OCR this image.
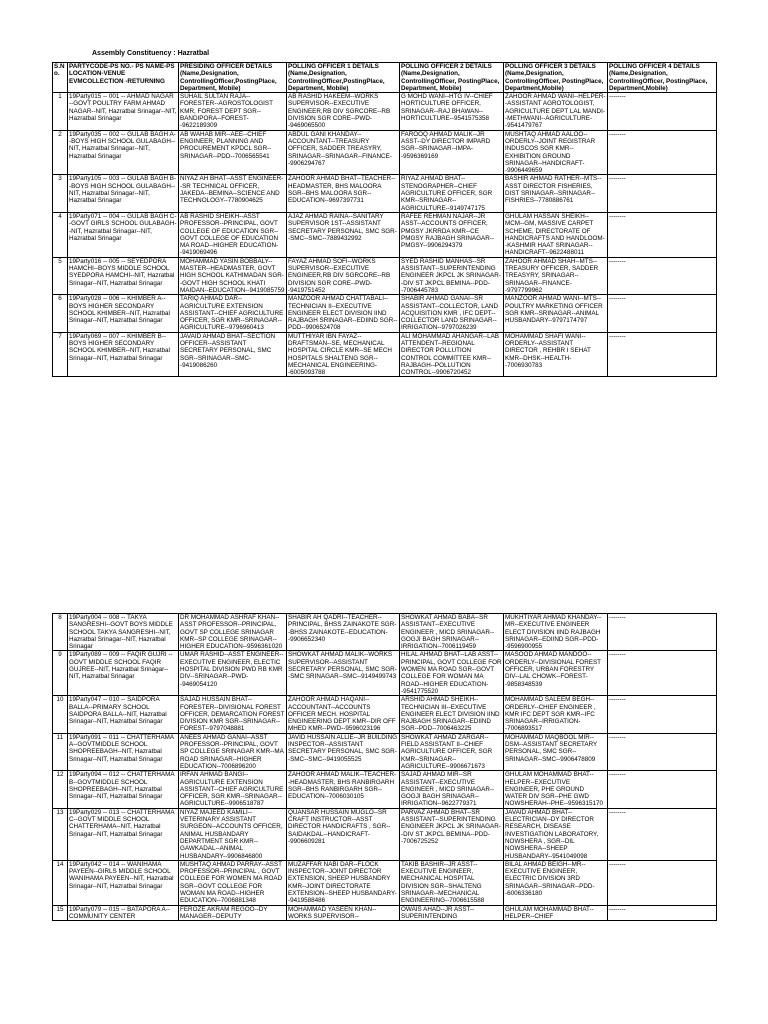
Assembly Constituency : Hazratbal
S.No.	PARTYCODE-PS NO.- PS NAME-PS LOCATION-VENUE EVMCOLLECTION -RETURNING	PRESIDING OFFICER DETAILS (Name,Designation, ControllingOfficer,PostingPlace, Department, Mobile)	POLLING OFFICER 1 DETAILS (Name,Designation, ControllingOfficer,PostingPlace, Department, Mobile)	POLLING OFFICER 2 DETAILS (Name,Designation, ControllingOfficer, PostingPlace, Department, Mobile)	POLLING OFFICER 3 DETAILS (Name,Designation, ControllingOfficer, PostingPlace, Department,Mobile)	POLLING OFFICER 4 DETAILS (Name,Designation, ControllingOfficer, PostingPlace, Department,Mobile)
1	19Party015 -- 001 -- AHMAD NAGAR --GOVT POULTRY FARM AHMAD NAGAR--NIT, Hazratbal Srinagar--NIT, Hazratbal Srinagar	SUHAIL SULTAN RAJA--FORESTER--AGROSTOLOGIST KMR, FOREST DEPT SGR--BANDIPORA--FOREST--9622189309	AB RASHID HAKEEM--WORKS SUPERVISOR--EXECUTIVE ENGINEER,RB DIV SGRCORE--RB DIVISION SGR CORE--PWD--9469065500	G MOHD WANI--HTG IV--CHIEF HORTICULTURE OFFICER, SRINAGAR--RAJ BHAWAN--HORTICULTURE--9541575358	ZAHOOR AHMAD WANI--HELPER--ASSISTANT AGROTOLOGIST, AGRICULTURE DEPT LAL MANDI--METHWANI--AGRICULTURE--9541479767	--------
2	19Party035 -- 002 -- GULAB BAGH A--BOYS HIGH SCHOOL GULABAGH--NIT, Hazratbal Srinagar--NIT, Hazratbal Srinagar	AB WAHAB MIR--AEE--CHIEF ENGINEER, PLANNING AND PROCUREMENT KPDCL SGR--SRINAGAR--PDD--7006565541	ABDUL GANI KHANDAY--ACCOUNTANT--TREASURY OFFICER, SADDER TREASYRY, SRINAGAR--SRINAGAR--FINANCE--9906294767	FAROOQ AHMAD MALIK--JR ASST--DY DIRECTOR IMPARD SGR--SRINAGAR--IMPA--9596369169	MUSHTAQ AHMAD AALOO--ORDERLY--JOINT REGISTRAR INDUSCOS SGR KMR--EXHIBITION GROUND SRINAGAR--HANDICRAFT--9906449659	--------
3	19Party105 -- 003 -- GULAB BAGH B--BOYS HIGH SCHOOL GULABAGH--NIT, Hazratbal Srinagar--NIT, Hazratbal Srinagar	NIYAZ AH BHAT--ASST ENGINEER--SR TECHNICAL OFFICER, JAKEDA--BEMINA--SCIENCE AND TECHNOLOGY--7780904625	ZAHOOR AHMAD BHAT--TEACHER--HEADMASTER, BHS MALOORA SGR--BHS MALOORA SGR--EDUCATION--9697397731	RIYAZ AHMAD BHAT--STENOGRAPHER--CHIEF AGRICULTURE OFFICER, SGR KMR--SRINAGAR--AGRICULTURE--9149747175	BASHIR AHMAD RATHER--MTS--ASST DIRECTOR FISHERIES, DIST SRINAGAR--SRINAGAR--FISHRIES--7780886761	--------
4	19Party071 -- 004 -- GULAB BAGH C--GOVT GIRLS SCHOOL GULABAGH--NIT, Hazratbal Srinagar--NIT, Hazratbal Srinagar	AB RASHID SHEIKH--ASST PROFESSOR--PRINCIPAL, GOVT COLLEGE OF EDUCATION SGR--GOVT COLLEGE OF EDUCATION MA ROAD--HIGHER EDUCATION--9419069496	AJAZ AHMAD RAINA--SANITARY SUPERVISOR 1ST--ASSISTANT SECRETARY PERSONAL, SMC SGR--SMC--SMC--7889432992	RAFEE REHMAN NAJAR--JR ASST--ACCOUNTS OFFICER, PMGSY JKRRDA KMR--CE PMGSY RAJBAGH SRINAGAR--PMGSY--9906294379	GHULAM HASSAN SHEIKH--MCM--GM, MASSIVE CARPET SCHEME, DIRECTORATE OF HANDICRAFTS AND HANDLOOM--KASHMIR HAAT SRINAGAR--HANDICRAFT--9622488011	--------
5	19Party016 -- 005 -- SEYEDPORA HAMCHI--BOYS MIDDLE SCHOOL SYEDPORA HAMCHI--NIT, Hazratbal Srinagar--NIT, Hazratbal Srinagar	MOHAMMAD YASIN BOBBALY--MASTER--HEADMASTER, GOVT HIGH SCHOOL KATHIMADAN SGR--GOVT HIGH SCHOOL KHATI MAIDAN--EDUCATION--9419085759	FAYAZ AHMAD SOFI--WORKS SUPERVISOR--EXECUTIVE ENGINEER,RB DIV SGRCORE--RB DIVISION SGR CORE--PWD--9419751452	SYED RASHID MANHAS--SR ASSISTANT--SUPERINTENDING ENGINEER JKPCL JK SRINAGAR--DIV ST JKPCL BEMINA--PDD--7006445783	ZAHOOR AHMAD SHAH--MTS--TREASURY OFFICER, SADDER TREASYRY, SRINAGAR--SRINAGAR--FINANCE--9797799962	--------
6	19Party028 -- 006 -- KHIMBER A--BOYS HIGHER SECONDARY SCHOOL KHIMBER--NIT, Hazratbal Srinagar--NIT, Hazratbal Srinagar	TARIQ AHMAD DAR--AGRICULTURE EXTENSION ASSISTANT--CHIEF AGRICULTURE OFFICER, SGR KMR--SRINAGAR--AGRICULTURE--9796960413	MANZOOR AHMAD CHATTABALI--TECHNICIAN II--EXECUTIVE ENGINEER ELECT DIVISION IIND RAJBAGH SRINAGAR--EDIIND SGR--PDD--9906524708	SHABIR AHMAD GANAI--SR ASSISTANT--COLLECTOR, LAND ACQUISITION KMR , IFC DEPT--COLLECTOR LAND SRINAGAR--IRRIGATION--9797026239	MANZOOR AHMAD WANI--MTS--POULTRY MARKETING OFFICER SGR KMR--SRINAGAR--ANIMAL HUSBANDARY--9797174797	--------
7	19Party069 -- 007 -- KHIMBER B--BOYS HIGHER SECONDARY SCHOOL KHIMBER--NIT, Hazratbal Srinagar--NIT, Hazratbal Srinagar	JAVAID AHMAD BHAT--SECTION OFFICER--ASSISTANT SECRETARY PERSONAL, SMC SGR--SRINAGAR--SMC--9419086260	MUTTHIYAR IBN FAYAZ--DRAFTSMAN--SE, MECHANICAL HOSPITAL CIRCLE KMR--SE MECH HOSPITALS SHALTENG SGR--MECHANICAL ENGINEERING--6005093788	ALI MOHAMMAD AHANGAR--LAB ATTENDENT--REGIONAL DIRECTOR POLLUTION CONTROL COMMITTEE KMR--RAJBAGH--POLLUTION CONTROL--9906720452	MOHAMMAD SHAFI WANI--ORDERLY--ASSISTANT DIRECTOR , REHBR I SEHAT KMR--DHSK--HEALTH--7006930783	--------
8	19Party004 -- 008 -- TAKYA SANGRESHI--GOVT BOYS MIDDLE SCHOOL TAKYA SANGRESHI--NIT, Hazratbal Srinagar--NIT, Hazratbal Srinagar	DR MOHAMMAD ASHRAF KHAN--ASST PROFESSOR--PRINCIPAL, GOVT SP COLLEGE SRINAGAR KMR--SP COLLEGE SRINAGAR--HIGHER EDUCATION--9596361020	SHABIR AH QADRI--TEACHER--PRINCIPAL, BHSS ZAINAKOTE SGR--BHSS ZAINAKOTE--EDUCATION--9906652340	SHOWKAT AHMAD BABA--SR ASSISTANT--EXECUTIVE ENGINEER , MICD SRINAGAR--GOGJI BAGH SRINAGAR--IRRIGATION--7006119459	MUKHTIYAR AHMAD KHANDAY--MR--EXECUTIVE ENGINEER ELECT DIVISION IIND RAJBAGH SRINAGAR--EDIIND SGR--PDD--9596900955	--------
9	19Party089 -- 009 -- FAQIR GUJRI --GOVT MIDDLE SCHOOL FAQIR GUJREE--NIT, Hazratbal Srinagar--NIT, Hazratbal Srinagar	UMAR RASHID--ASST ENGINEER--EXECUTIVE ENGINEER, ELECTIC HOSPITAL DIVISION PWD RB KMR DIV--SRINAGAR--PWD--9469054120	SHOWKAT AHMAD MALIK--WORKS SUPERVISOR--ASSISTANT SECRETARY PERSONAL, SMC SGR--SMC SRINAGAR--SMC--9149499743	HILAL AHMAD BHAT--LAB ASST--PRINCIPAL, GOVT COLLEGE FOR WOMEN MA ROAD SGR--GOVT COLLEGE FOR WOMAN MA ROAD--HIGHER EDUCATION--9541775520	MASOOD AHMAD MANDOO--ORDERLY--DIVISIONAL FOREST OFFICER, URBAN FORESTRY DIV--LAL CHOWK--FOREST--9858348539	--------
10	19Party047 -- 010 -- SAIDPORA BALLA--PRIMARY SCHOOL SAIDPORA BALLA--NIT, Hazratbal Srinagar--NIT, Hazratbal Srinagar	SAJAD HUSSAIN BHAT--FORESTER--DIVISIONAL FOREST OFFICER, DEMARCATION FOREST DIVISION KMR SGR--SRINAGAR--FOREST--9797048881	ZAHOOR AHMAD HAQANI--ACCOUNTANT--ACCOUNTS OFFICER MECH. HOSPITAL ENGINEERING DEPT KMR--DIR OFF MHED KMR--PWD--9596023196	ARSHID AHMAD SHEIKH--TECHNICIAN III--EXECUTIVE ENGINEER ELECT DIVISION IIND RAJBAGH SRINAGAR--EDIIND SGR--PDD--7006463225	MOHAMMAD SALEEM BEGH--ORDERLY--CHIEF ENGINEER , KMR IFC DEPT SGR KMR--IFC SRINAGAR--IRRIGATION--7006893517	--------
11	19Party091 -- 011 -- CHATTERHAMA A--GOVTMIDDLE SCHOOL SHOPREEBAGH--NIT, Hazratbal Srinagar--NIT, Hazratbal Srinagar	ANEES AHMAD GANAI--ASST PROFESSOR--PRINCIPAL, GOVT SP COLLEGE SRINAGAR KMR--MA ROAD SRINAGAR--HIGHER EDUCATION--7006896200	JAVID HUSSAIN ALLIE--JR BUILDING INSPECTOR--ASSISTANT SECRETARY PERSONAL, SMC SGR--SMC--SMC--9419055525	SHOWKAT AHMAD ZARGAR--FIELD ASSISTANT II--CHIEF AGRICULTURE OFFICER, SGR KMR--SRINAGAR--AGRICULTURE--9906671673	MOHAMMAD MAQBOOL MIR--DSM--ASSISTANT SECRETARY PERSONAL, SMC SGR--SRINAGAR--SMC--9906478809	--------
12	19Party094 -- 012 -- CHATTERHAMA B--GOVTMIDDLE SCHOOL SHOPREEBAGH--NIT, Hazratbal Srinagar--NIT, Hazratbal Srinagar	IRFAN AHMAD BANGI--AGRICULTURE EXTENSION ASSISTANT--CHIEF AGRICULTURE OFFICER, SGR KMR--SRINAGAR--AGRICULTURE--9906518787	ZAHOOR AHMAD MALIK--TEACHER--HEADMASTER, BHS RANBIRGARH SGR--BHS RANBIRGARH SGR--EDUCATION--7006030105	SAJAD AHMAD MIR--SR ASSISTANT--EXECUTIVE ENGINEER , MICD SRINAGAR--GOGJI BAGH SRINAGAR--IRRIGATION--9622779371	GHULAM MOHAMMAD BHAT--HELPER--EXECUTIVE ENGINEER, PHE GROUND WATER DIV SGR--PHE GWD NOWSHERAH--PHE--9596315170	--------
13	19Party029 -- 013 -- CHATTERHAMA C--GOVT MIDDLE SCHOOL CHATTERHAMA--NIT, Hazratbal Srinagar--NIT, Hazratbal Srinagar	NIYAZ MAJEED KAMILI--VETERINARY ASSISTANT SURGEON--ACCOUNTS OFFICER, ANIMAL HUSBANDARY DEPARTMENT SGR KMR--GAWKADAL--ANIMAL HUSBANDARY--9906846800	QUANSAR HUSSAIN MUGLO--SR CRAFT INSTRUCTOR--ASST DIRECTOR HANDICRAFTS , SGR--SAIDAKDAL--HANDICRAFT--9906609281	PARVAZ AHMAD BHAT--SR ASSISTANT--SUPERINTENDING ENGINEER JKPCL JK SRINAGAR--DIV ST JKPCL BEMINA--PDD--7006725252	JAVAID AHMAD BHAT--ELECTRICIAN--DY DIRECTOR RESEARCH, DISEASE INVESTIGATION LABORATORY, NOWSHERA , SGR--DIL NOWSHERA--SHEEP HUSBANDARY--9541049098	--------
14	19Party042 -- 014 -- WANIHAMA PAYEEN--GIRLS MIDDLE SCHOOL WANIHAMA PAYEEN--NIT, Hazratbal Srinagar--NIT, Hazratbal Srinagar	MUSHTAQ AHMAD PARRAY--ASST PROFESSOR--PRINCIPAL , GOVT COLLEGE FOR WOMEN MA ROAD SGR--GOVT COLLEGE FOR WOMAN MA ROAD--HIGHER EDUCATION--7006881348	MUZAFFAR NABI DAR--FLOCK INSPECTOR--JOINT DIRECTOR EXTENSION, SHEEP HUSBANDRY KMR--JOINT DIRECTORATE EXTENSION--SHEEP HUSBANDARY--9419588486	TAKIB BASHIR--JR ASST--EXECUTIVE ENGINEER, MECHANICAL HOSPITAL DIVISION SGR--SHALTENG SRINAGAR--MECHANICAL ENGINEERING--7006615588	BILAL AHMAD BEIGH--MR--EXECUTIVE ENGINEER, ELECTRIC DIVISION 3RD SRINAGAR--SRINAGAR--PDD--6006336180	--------
15	19Party079 -- 015 -- BATAPORA A--COMMUNITY CENTER	FEROZE AKRAM REGOO--DY MANAGER--DEPUTY	MOHAMMAD YASEEN KHAN--WORKS SUPERVISOR--	OWAIS AHAD--JR ASST--SUPERINTENDING	GHULAM MOHAMMAD BHAT--HELPER--CHIEF	--------
